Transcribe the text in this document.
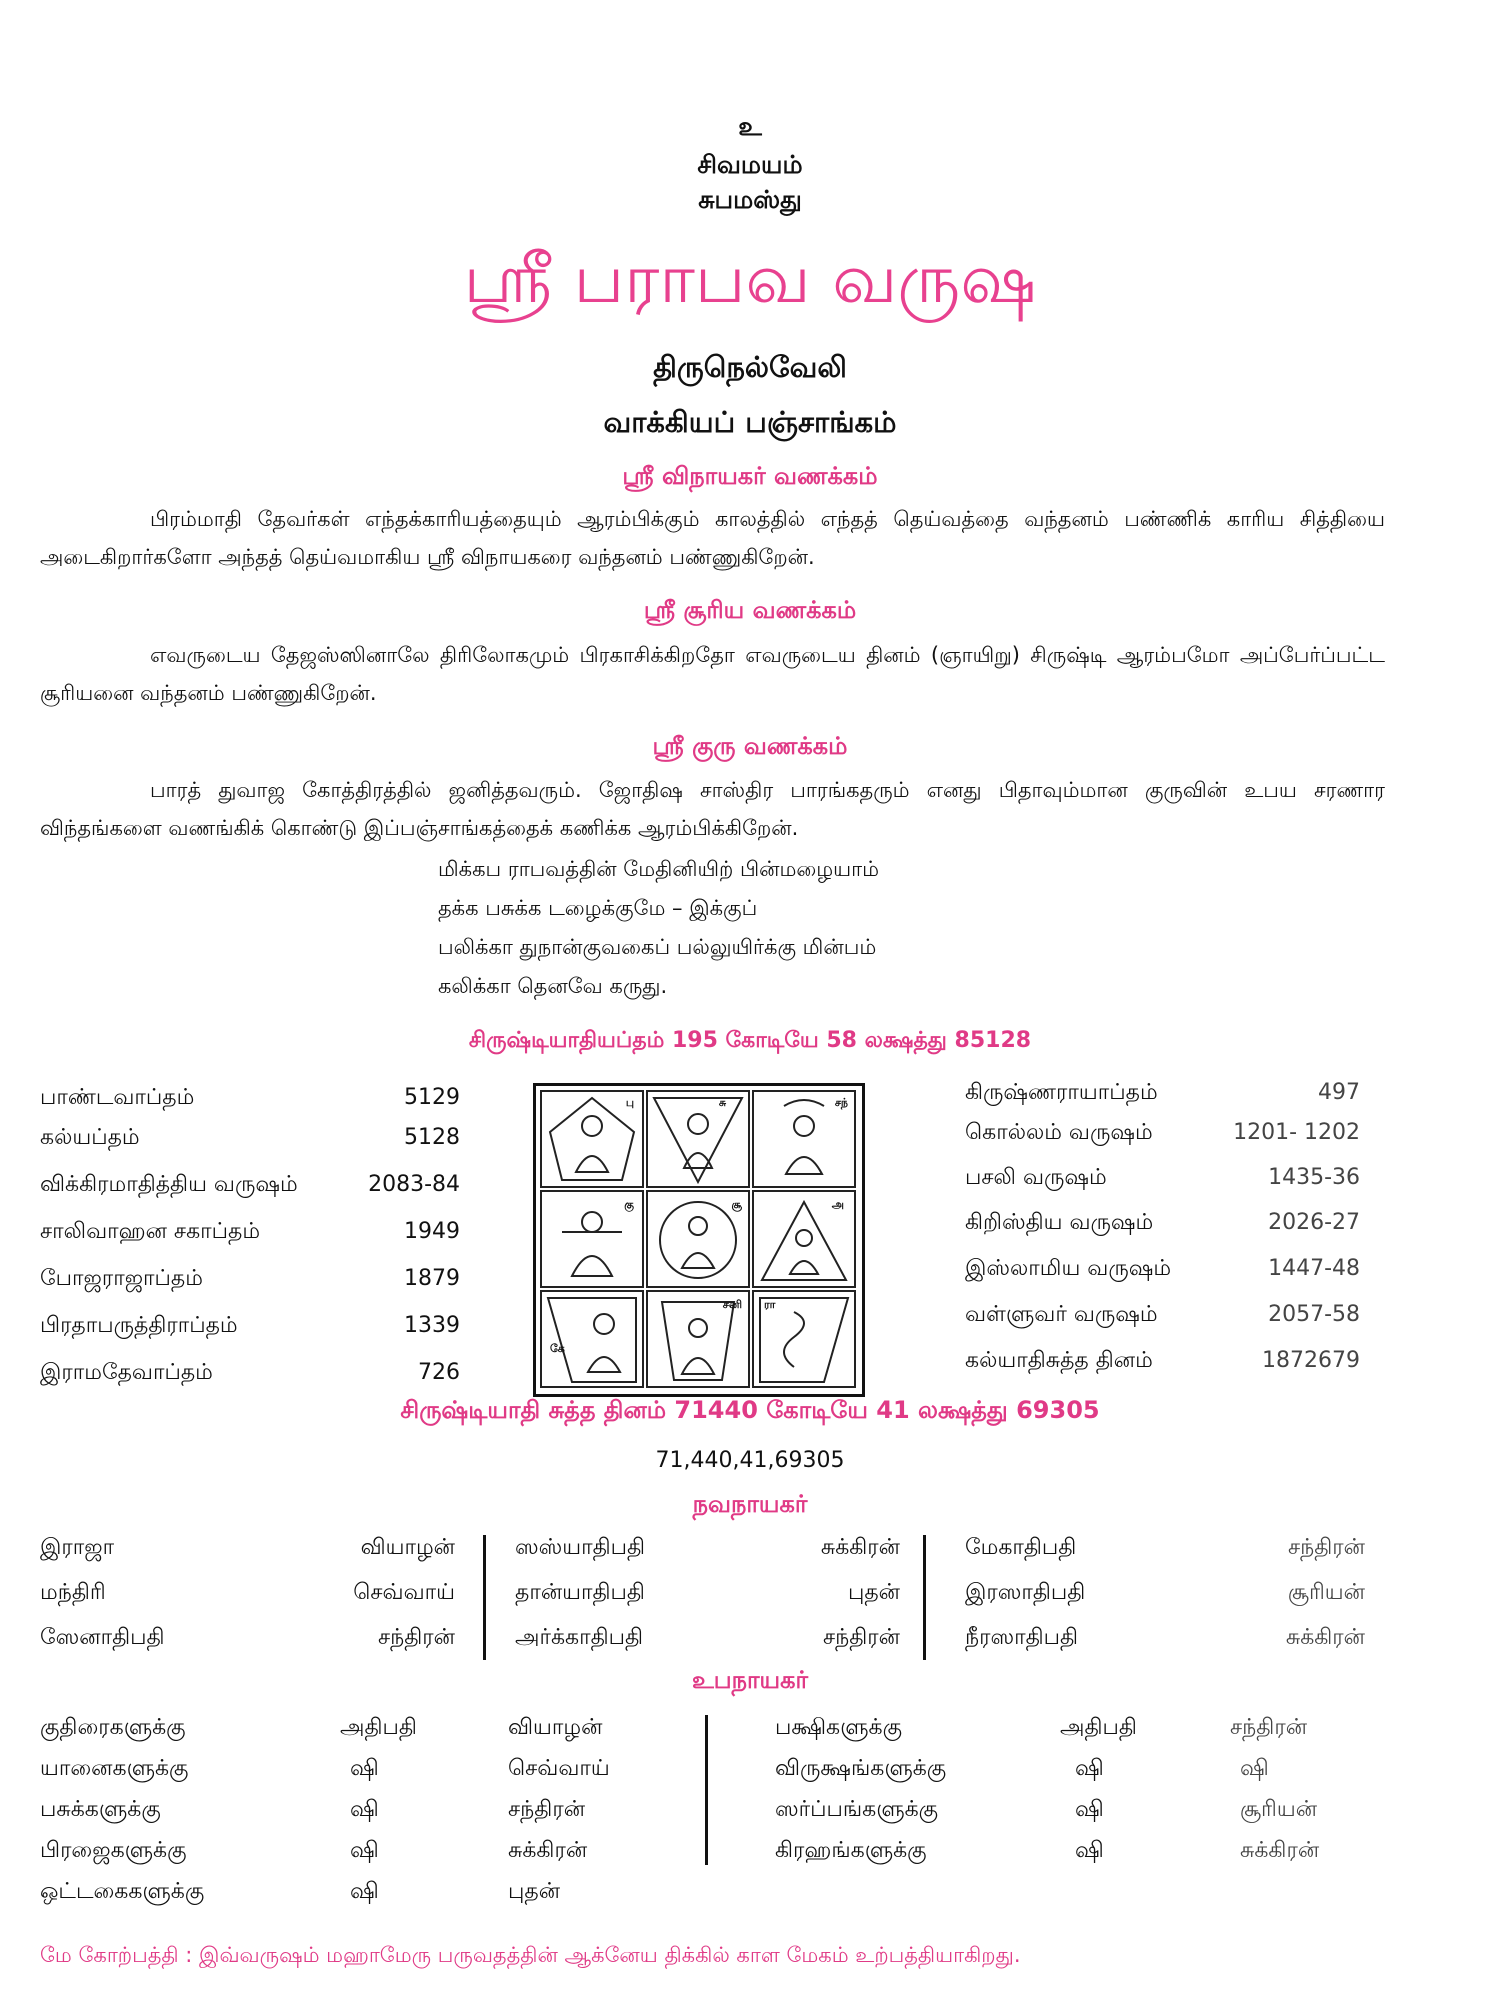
உ
சிவமயம்
சுபமஸ்து
ஸ்ரீ பராபவ வருஷ
திருநெல்வேலி
வாக்கியப் பஞ்சாங்கம்
ஸ்ரீ விநாயகர் வணக்கம்
பிரம்மாதி தேவர்கள் எந்தக்காரியத்தையும் ஆரம்பிக்கும் காலத்தில் எந்தத் தெய்வத்தை வந்தனம் பண்ணிக் காரிய சித்தியை அடைகிறார்களோ அந்தத் தெய்வமாகிய ஸ்ரீ விநாயகரை வந்தனம் பண்ணுகிறேன்.
ஸ்ரீ சூரிய வணக்கம்
எவருடைய தேஜஸ்ஸினாலே திரிலோகமும் பிரகாசிக்கிறதோ எவருடைய தினம் (ஞாயிறு) சிருஷ்டி ஆரம்பமோ அப்பேர்ப்பட்ட சூரியனை வந்தனம் பண்ணுகிறேன்.
ஸ்ரீ குரு வணக்கம்
பாரத் துவாஜ கோத்திரத்தில் ஜனித்தவரும். ஜோதிஷ சாஸ்திர பாரங்கதரும் எனது பிதாவும்மான குருவின் உபய சரணார விந்தங்களை வணங்கிக் கொண்டு இப்பஞ்சாங்கத்தைக் கணிக்க ஆரம்பிக்கிறேன்.
மிக்கப ராபவத்தின் மேதினியிற் பின்மழையாம்
தக்க பசுக்க டழைக்குமே – இக்குப்
பலிக்கா துநான்குவகைப் பல்லுயிர்க்கு மின்பம்
கலிக்கா தெனவே கருது.
சிருஷ்டியாதியப்தம் 195 கோடியே 58 லக்ஷத்து 85128
பாண்டவாப்தம்	5129
கல்யப்தம்	5128
விக்கிரமாதித்திய வருஷம்	2083-84
சாலிவாஹன சகாப்தம்	1949
போஜராஜாப்தம்	1879
பிரதாபருத்திராப்தம்	1339
இராமதேவாப்தம்	726
பு	சு	சந்
கு	சூ	அ
கே
சனி ரா
கிருஷ்ணராயாப்தம்	497
கொல்லம் வருஷம்	1201- 1202
பசலி வருஷம்	1435-36
கிறிஸ்திய வருஷம்	2026-27
இஸ்லாமிய வருஷம்	1447-48
வள்ளுவர் வருஷம்	2057-58
கல்யாதிசுத்த தினம்	1872679
சிருஷ்டியாதி சுத்த தினம் 71440 கோடியே 41 லக்ஷத்து 69305
71,440,41,69305
நவநாயகர்
இராஜா	வியாழன்
மந்திரி	செவ்வாய்
ஸேனாதிபதி	சந்திரன்
ஸஸ்யாதிபதி	சுக்கிரன்
தான்யாதிபதி	புதன்
அர்க்காதிபதி	சந்திரன்
மேகாதிபதி	சந்திரன்
இரஸாதிபதி	சூரியன்
நீரஸாதிபதி	சுக்கிரன்
உபநாயகர்
குதிரைகளுக்கு	அதிபதி	வியாழன்
யானைகளுக்கு	ஷி	செவ்வாய்
பசுக்களுக்கு	ஷி	சந்திரன்
பிரஜைகளுக்கு	ஷி	சுக்கிரன்
ஒட்டகைகளுக்கு	ஷி	புதன்
பக்ஷிகளுக்கு	அதிபதி	சந்திரன்
விருக்ஷங்களுக்கு	ஷி	ஷி
ஸர்ப்பங்களுக்கு	ஷி	சூரியன்
கிரஹங்களுக்கு	ஷி	சுக்கிரன்
மே கோற்பத்தி : இவ்வருஷம் மஹாமேரு பருவதத்தின் ஆக்னேய திக்கில் காள மேகம் உற்பத்தியாகிறது.
